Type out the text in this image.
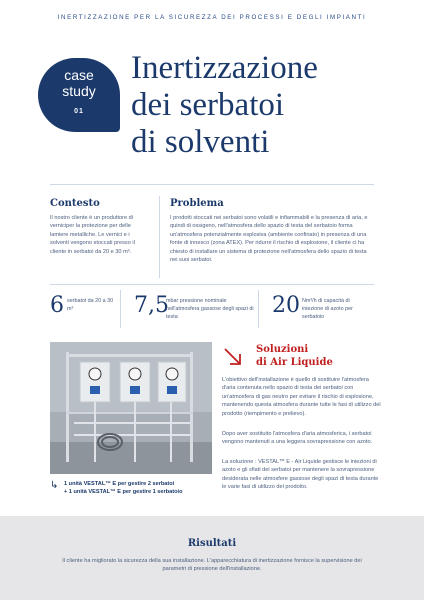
INERTIZZAZIONE PER LA SICUREZZA DEI PROCESSI E DEGLI IMPIANTI
case
study
01
Inertizzazione
dei serbatoi
di solventi
Contesto
Il nostro cliente è un produttore di verniciper la protezione per delle lamiere metalliche. Le vernici e i solventi vengono stoccati presso il cliente in serbatoi da 20 e 30 m³.
Problema
I prodotti stoccati nei serbatoi sono volatili e infiammabili e la presenza di aria, e quindi di ossigeno, nell'atmosfera dello spazio di testa del serbatoio forma un'atmosfera potenzialmente esplosiva (ambiente confinato) in presenza di una fonte di innesco (zona ATEX). Per ridurre il rischio di esplosione, il cliente ci ha chiesto di installare un sistema di protezione nell'atmosfera dello spazio di testa nei suoi serbatoi.
6 serbatoi da 20 a 30 m³	7,5
mbar pressione nominale nell'atmosfera gassose degli spazi di testa	20 Nm³/h di capacità di iniezione di azoto per serbatoio
↳ 1 unità VESTAL™ E per gestire 2 serbatoi
+ 1 unità VESTAL™ E per gestire 1 serbatoio
Soluzioni
di Air Liquide
L'obiettivo dell'installazione è quello di sostituire l'atmosfera d'aria contenuta nello spazio di testa dei serbatoi con un'atmosfera di gas neutro per evitare il rischio di esplosione, mantenendo questa atmosfera durante tutte le fasi di utilizzo del prodotto (riempimento e prelievo).
Dopo aver sostituito l'atmosfera d'aria atmosferica, i serbatoi vengono mantenuti a una leggera sovrapressione con azoto.
La soluzione : VESTAL™ E - Air Liquide gestisce le iniezioni di azoto e gli sfiati dei serbatoi per mantenere la sovrapressione desiderata nelle atmosfere gassose degli spazi di testa durante le varie fasi di utilizzo del prodotto.
Risultati
Il cliente ha migliorato la sicurezza della sua installazione. L'apparecchiatura di inertizzazione fornisce la supervisione dei parametri di pressione dell'installazione.
